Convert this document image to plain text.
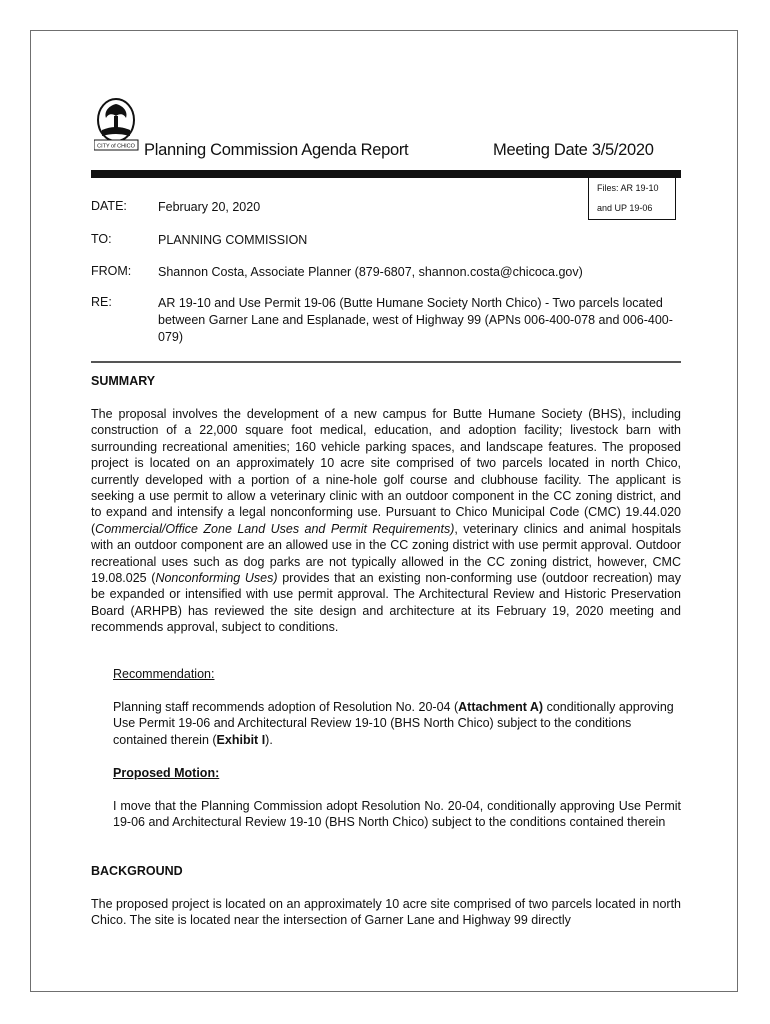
CITY of CHICO Planning Commission Agenda Report	Meeting Date 3/5/2020
Files: AR 19-10
and UP 19-06
DATE: February 20, 2020
TO:	PLANNING COMMISSION
FROM: Shannon Costa, Associate Planner (879-6807, shannon.costa@chicoca.gov)
RE:	AR 19-10 and Use Permit 19-06 (Butte Humane Society North Chico) - Two parcels located between Garner Lane and Esplanade, west of Highway 99 (APNs 006-400-078 and 006-400-079)
SUMMARY
The proposal involves the development of a new campus for Butte Humane Society (BHS), including construction of a 22,000 square foot medical, education, and adoption facility; livestock barn with surrounding recreational amenities; 160 vehicle parking spaces, and landscape features. The proposed project is located on an approximately 10 acre site comprised of two parcels located in north Chico, currently developed with a portion of a nine-hole golf course and clubhouse facility. The applicant is seeking a use permit to allow a veterinary clinic with an outdoor component in the CC zoning district, and to expand and intensify a legal nonconforming use. Pursuant to Chico Municipal Code (CMC) 19.44.020 (Commercial/Office Zone Land Uses and Permit Requirements), veterinary clinics and animal hospitals with an outdoor component are an allowed use in the CC zoning district with use permit approval. Outdoor recreational uses such as dog parks are not typically allowed in the CC zoning district, however, CMC 19.08.025 (Nonconforming Uses) provides that an existing non-conforming use (outdoor recreation) may be expanded or intensified with use permit approval. The Architectural Review and Historic Preservation Board (ARHPB) has reviewed the site design and architecture at its February 19, 2020 meeting and recommends approval, subject to conditions.
Recommendation:
Planning staff recommends adoption of Resolution No. 20-04 (Attachment A) conditionally approving Use Permit 19-06 and Architectural Review 19-10 (BHS North Chico) subject to the conditions contained therein (Exhibit I).
Proposed Motion:
I move that the Planning Commission adopt Resolution No. 20-04, conditionally approving Use Permit 19-06 and Architectural Review 19-10 (BHS North Chico) subject to the conditions contained therein
BACKGROUND
The proposed project is located on an approximately 10 acre site comprised of two parcels located in north Chico. The site is located near the intersection of Garner Lane and Highway 99 directly
